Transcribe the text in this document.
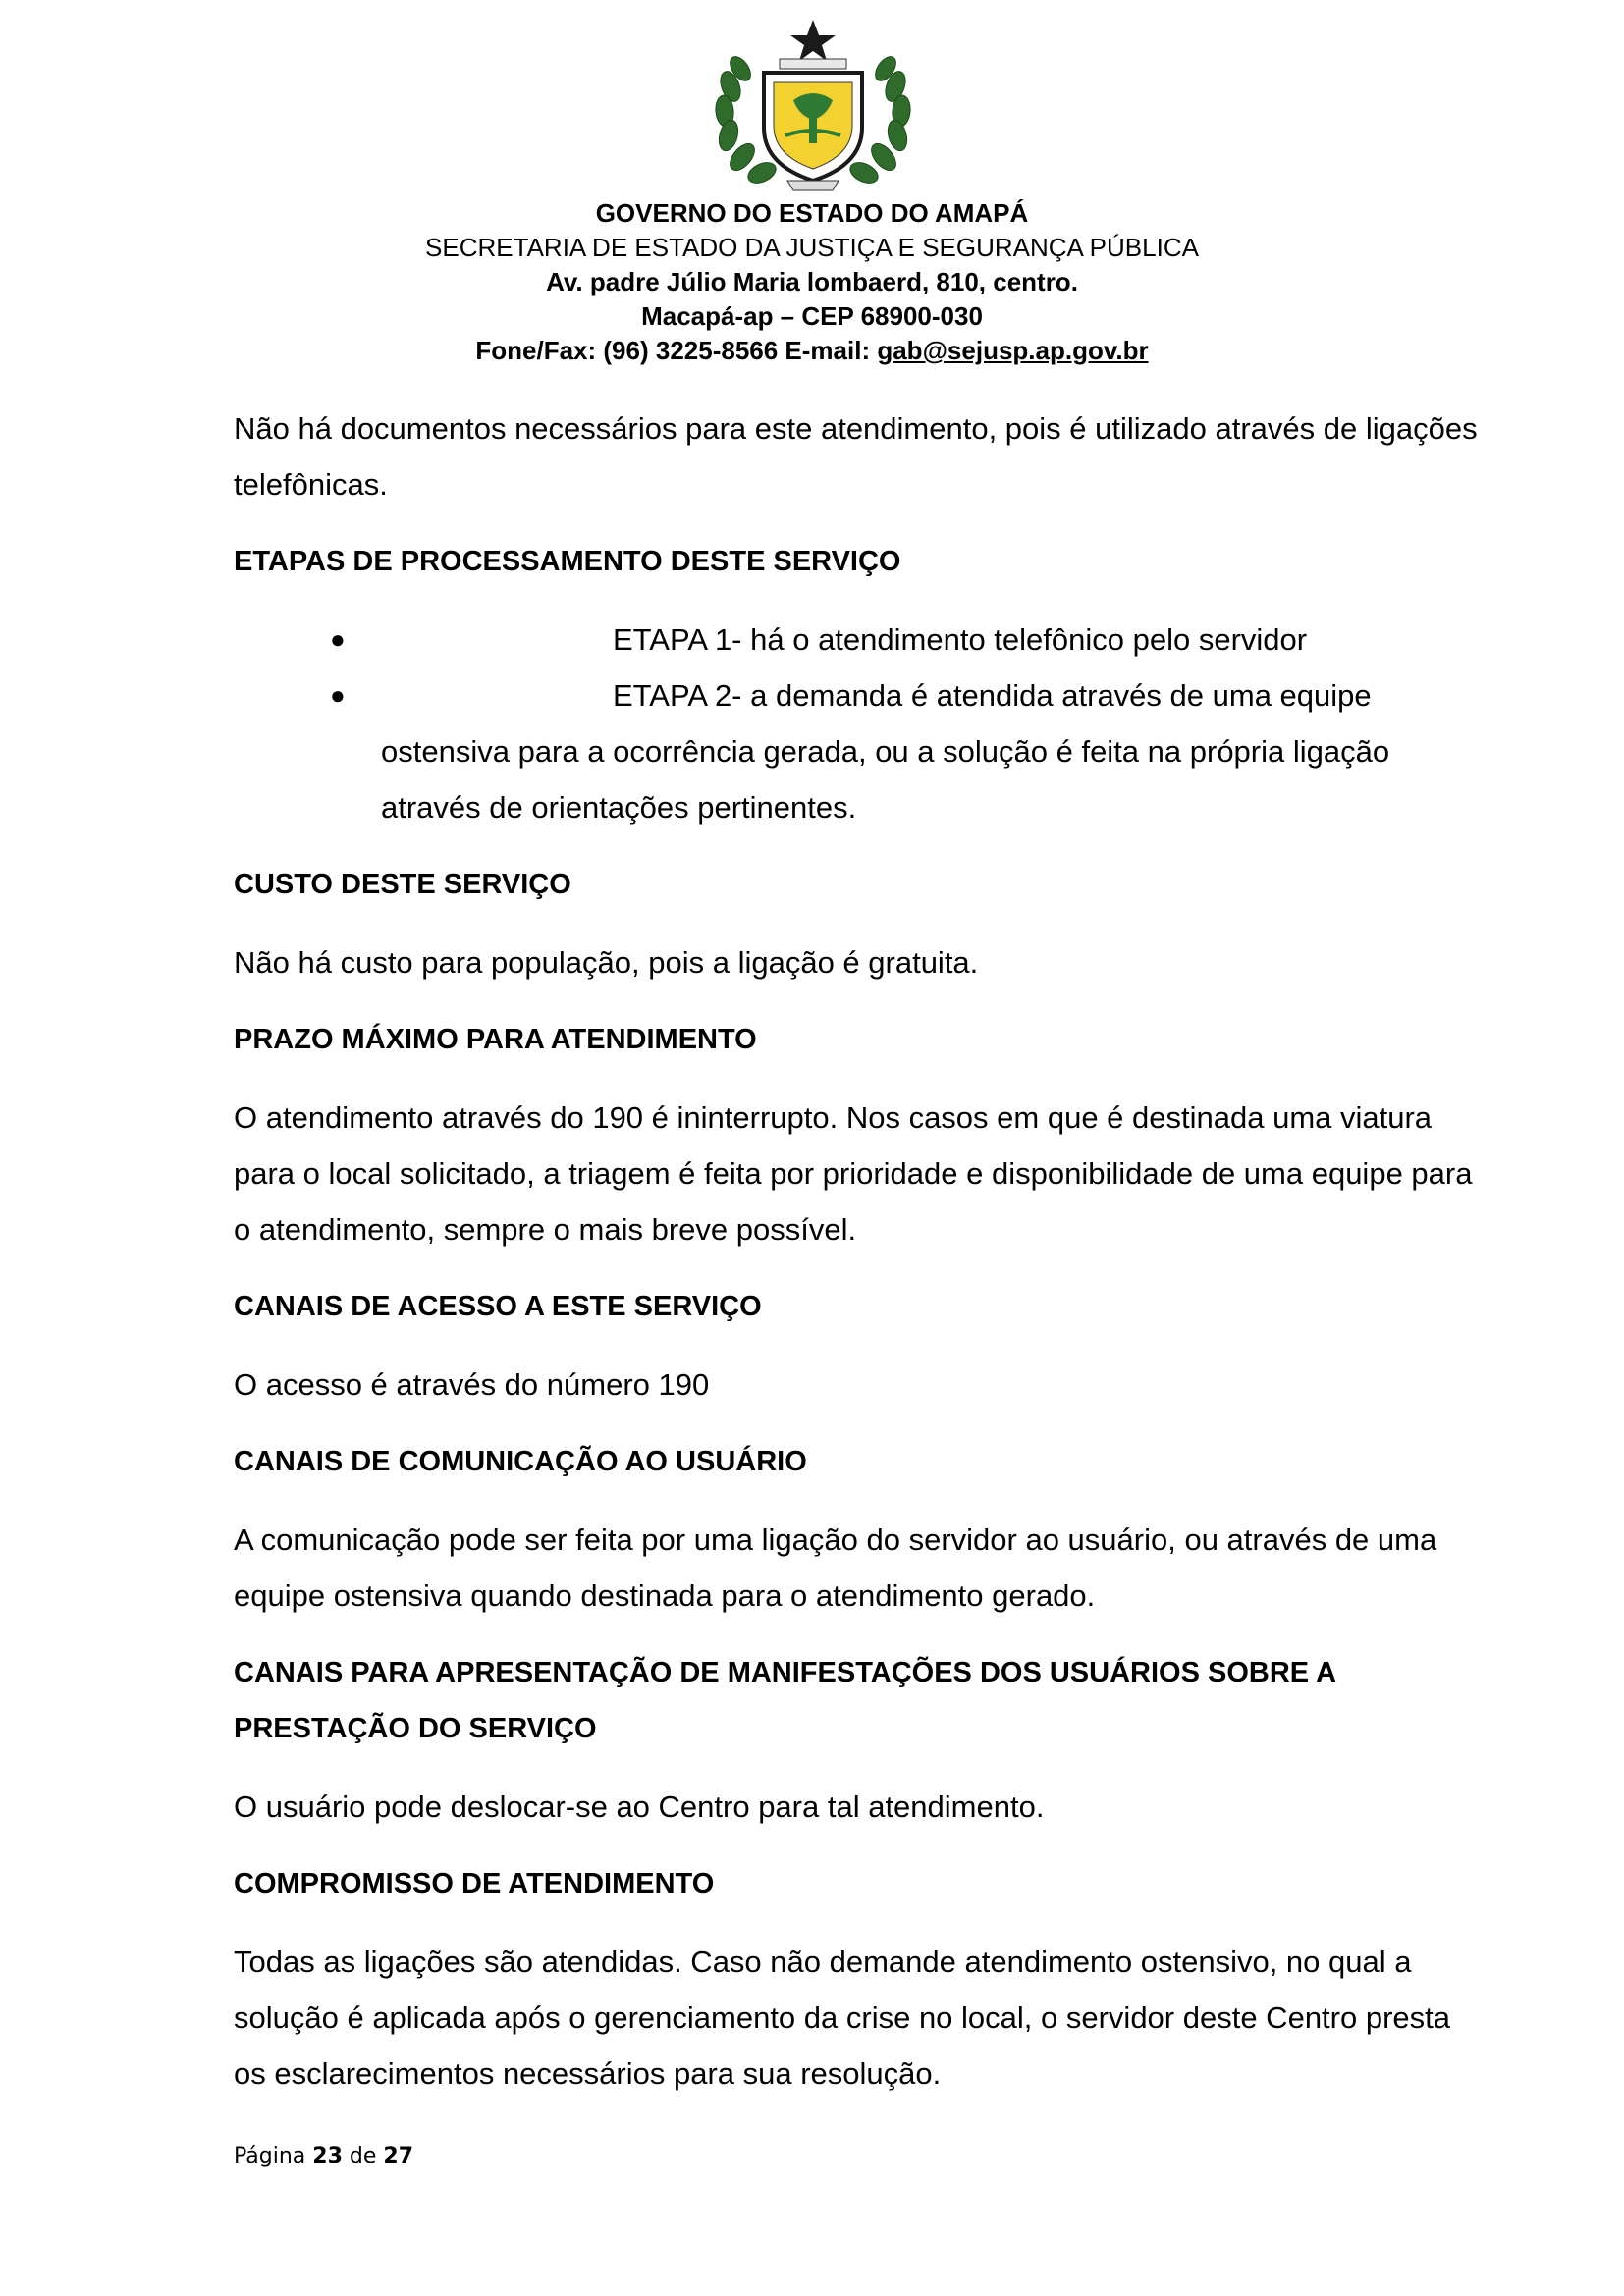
GOVERNO DO ESTADO DO AMAPÁ
SECRETARIA DE ESTADO DA JUSTIÇA E SEGURANÇA PÚBLICA
Av. padre Júlio Maria lombaerd, 810, centro.
Macapá-ap – CEP 68900-030
Fone/Fax: (96) 3225-8566 E-mail: gab@sejusp.ap.gov.br

Não há documentos necessários para este atendimento, pois é utilizado através de ligações telefônicas.

ETAPAS DE PROCESSAMENTO DESTE SERVIÇO
●	ETAPA 1- há o atendimento telefônico pelo servidor
●	ETAPA 2- a demanda é atendida através de uma equipe
ostensiva para a ocorrência gerada, ou a solução é feita na própria ligação através de orientações pertinentes.
CUSTO DESTE SERVIÇO

Não há custo para população, pois a ligação é gratuita.

PRAZO MÁXIMO PARA ATENDIMENTO

O atendimento através do 190 é ininterrupto. Nos casos em que é destinada uma viatura para o local solicitado, a triagem é feita por prioridade e disponibilidade de uma equipe para o atendimento, sempre o mais breve possível.

CANAIS DE ACESSO A ESTE SERVIÇO

O acesso é através do número 190

CANAIS DE COMUNICAÇÃO AO USUÁRIO

A comunicação pode ser feita por uma ligação do servidor ao usuário, ou através de uma equipe ostensiva quando destinada para o atendimento gerado.

CANAIS PARA APRESENTAÇÃO DE MANIFESTAÇÕES DOS USUÁRIOS SOBRE A PRESTAÇÃO DO SERVIÇO

O usuário pode deslocar-se ao Centro para tal atendimento.

COMPROMISSO DE ATENDIMENTO

Todas as ligações são atendidas. Caso não demande atendimento ostensivo, no qual a solução é aplicada após o gerenciamento da crise no local, o servidor deste Centro presta os esclarecimentos necessários para sua resolução.

Página 23 de 27
